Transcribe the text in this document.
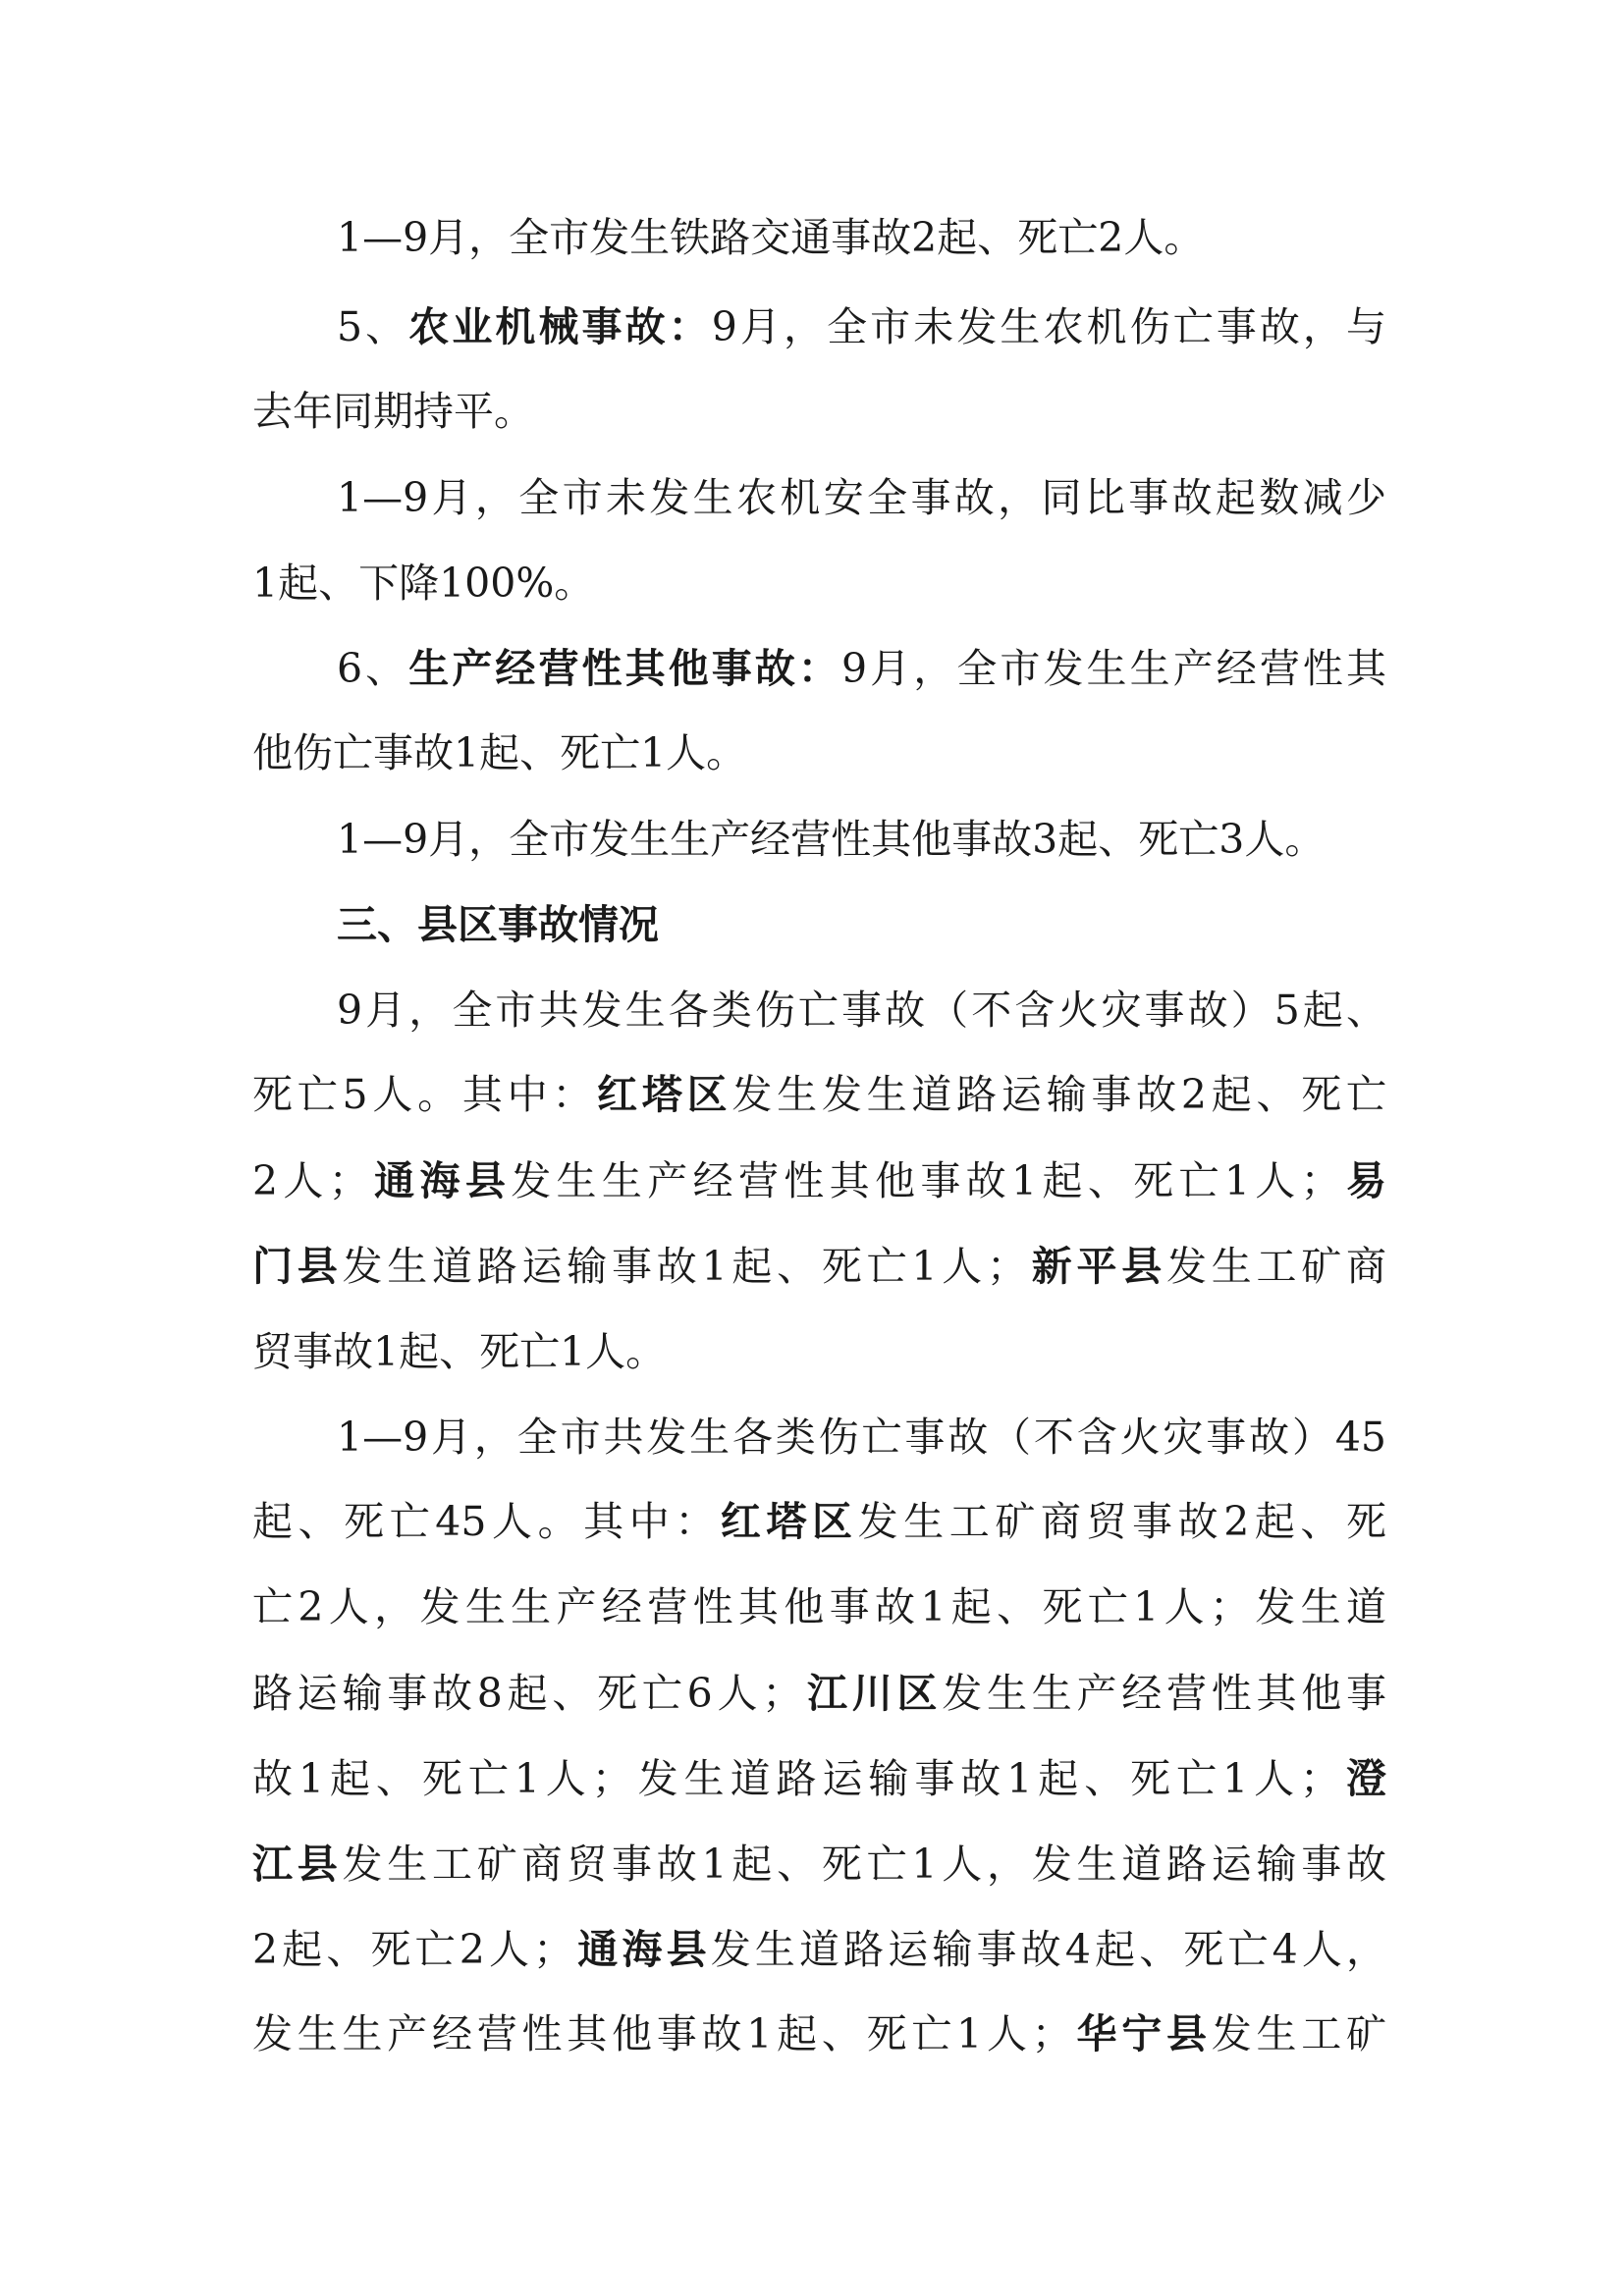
1—9月，全市发生铁路交通事故2起、死亡2人。
5、农业机械事故：9月，全市未发生农机伤亡事故，与
去年同期持平。
1—9月，全市未发生农机安全事故，同比事故起数减少
1起、下降100%。
6、生产经营性其他事故：9月，全市发生生产经营性其
他伤亡事故1起、死亡1人。
1—9月，全市发生生产经营性其他事故3起、死亡3人。
三、县区事故情况
9月，全市共发生各类伤亡事故（不含火灾事故）5起、
死亡5人。其中：红塔区发生发生道路运输事故2起、死亡
2人；通海县发生生产经营性其他事故1起、死亡1人；易
门县发生道路运输事故1起、死亡1人；新平县发生工矿商
贸事故1起、死亡1人。
1—9月，全市共发生各类伤亡事故（不含火灾事故）45
起、死亡45人。其中：红塔区发生工矿商贸事故2起、死
亡2人，发生生产经营性其他事故1起、死亡1人；发生道
路运输事故8起、死亡6人；江川区发生生产经营性其他事
故1起、死亡1人；发生道路运输事故1起、死亡1人；澄
江县发生工矿商贸事故1起、死亡1人，发生道路运输事故
2起、死亡2人；通海县发生道路运输事故4起、死亡4人，
发生生产经营性其他事故1起、死亡1人；华宁县发生工矿
